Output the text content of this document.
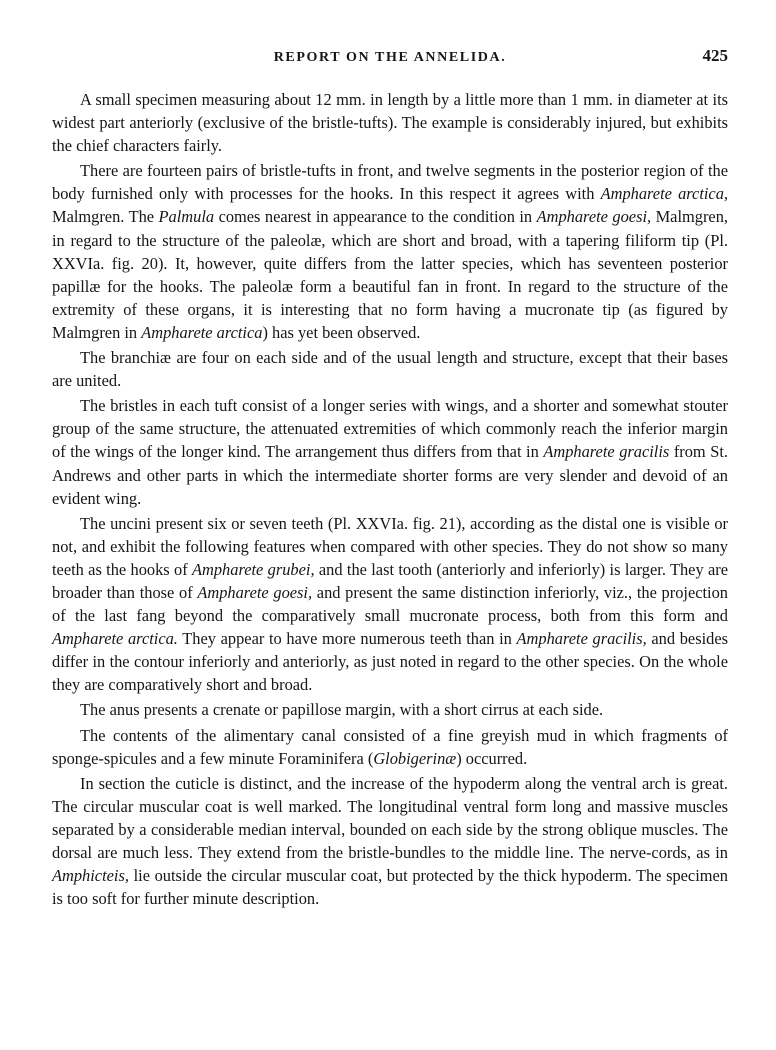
REPORT ON THE ANNELIDA.	425

A small specimen measuring about 12 mm. in length by a little more than 1 mm. in diameter at its widest part anteriorly (exclusive of the bristle-tufts). The example is considerably injured, but exhibits the chief characters fairly.

There are fourteen pairs of bristle-tufts in front, and twelve segments in the posterior region of the body furnished only with processes for the hooks. In this respect it agrees with Ampharete arctica, Malmgren. The Palmula comes nearest in appearance to the condition in Ampharete goesi, Malmgren, in regard to the structure of the paleolæ, which are short and broad, with a tapering filiform tip (Pl. XXVIa. fig. 20). It, however, quite differs from the latter species, which has seventeen posterior papillæ for the hooks. The paleolæ form a beautiful fan in front. In regard to the structure of the extremity of these organs, it is interesting that no form having a mucronate tip (as figured by Malmgren in Ampharete arctica) has yet been observed.

The branchiæ are four on each side and of the usual length and structure, except that their bases are united.

The bristles in each tuft consist of a longer series with wings, and a shorter and somewhat stouter group of the same structure, the attenuated extremities of which commonly reach the inferior margin of the wings of the longer kind. The arrangement thus differs from that in Ampharete gracilis from St. Andrews and other parts in which the intermediate shorter forms are very slender and devoid of an evident wing.

The uncini present six or seven teeth (Pl. XXVIa. fig. 21), according as the distal one is visible or not, and exhibit the following features when compared with other species. They do not show so many teeth as the hooks of Ampharete grubei, and the last tooth (anteriorly and inferiorly) is larger. They are broader than those of Ampharete goesi, and present the same distinction inferiorly, viz., the projection of the last fang beyond the comparatively small mucronate process, both from this form and Ampharete arctica. They appear to have more numerous teeth than in Ampharete gracilis, and besides differ in the contour inferiorly and anteriorly, as just noted in regard to the other species. On the whole they are comparatively short and broad.

The anus presents a crenate or papillose margin, with a short cirrus at each side.

The contents of the alimentary canal consisted of a fine greyish mud in which fragments of sponge-spicules and a few minute Foraminifera (Globigerinæ) occurred.

In section the cuticle is distinct, and the increase of the hypoderm along the ventral arch is great. The circular muscular coat is well marked. The longitudinal ventral form long and massive muscles separated by a considerable median interval, bounded on each side by the strong oblique muscles. The dorsal are much less. They extend from the bristle-bundles to the middle line. The nerve-cords, as in Amphicteis, lie outside the circular muscular coat, but protected by the thick hypoderm. The specimen is too soft for further minute description.
